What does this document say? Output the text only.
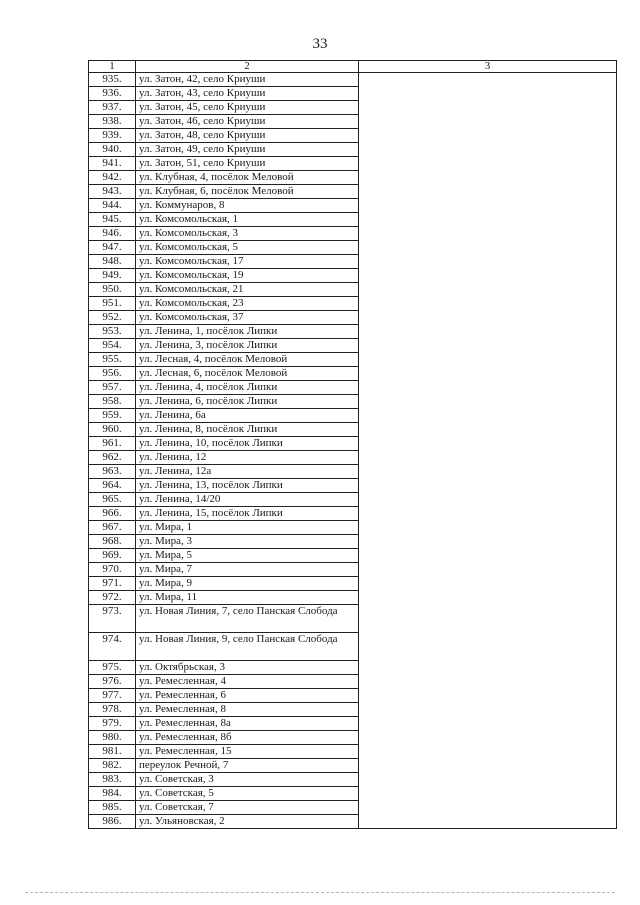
33
1	2	3
935.	ул. Затон, 42, село Криуши	
936.	ул. Затон, 43, село Криуши	
937.	ул. Затон, 45, село Криуши	
938.	ул. Затон, 46, село Криуши	
939.	ул. Затон, 48, село Криуши	
940.	ул. Затон, 49, село Криуши	
941.	ул. Затон, 51, село Криуши	
942.	ул. Клубная, 4, посёлок Меловой	
943.	ул. Клубная, 6, посёлок Меловой	
944.	ул. Коммунаров, 8	
945.	ул. Комсомольская, 1	
946.	ул. Комсомольская, 3	
947.	ул. Комсомольская, 5	
948.	ул. Комсомольская, 17	
949.	ул. Комсомольская, 19	
950.	ул. Комсомольская, 21	
951.	ул. Комсомольская, 23	
952.	ул. Комсомольская, 37	
953.	ул. Ленина, 1, посёлок Липки	
954.	ул. Ленина, 3, посёлок Липки	
955.	ул. Лесная, 4, посёлок Меловой	
956.	ул. Лесная, 6, посёлок Меловой	
957.	ул. Ленина, 4, посёлок Липки	
958.	ул. Ленина, 6, посёлок Липки	
959.	ул. Ленина, 6а	
960.	ул. Ленина, 8, посёлок Липки	
961.	ул. Ленина, 10, посёлок Липки	
962.	ул. Ленина, 12	
963.	ул. Ленина, 12а	
964.	ул. Ленина, 13, посёлок Липки	
965.	ул. Ленина, 14/20	
966.	ул. Ленина, 15, посёлок Липки	
967.	ул. Мира, 1	
968.	ул. Мира, 3	
969.	ул. Мира, 5	
970.	ул. Мира, 7	
971.	ул. Мира, 9	
972.	ул. Мира, 11	
973.	ул. Новая Линия, 7, село Панская Слобода	
974.	ул. Новая Линия, 9, село Панская Слобода	
975.	ул. Октябрьская, 3	
976.	ул. Ремесленная, 4	
977.	ул. Ремесленная, 6	
978.	ул. Ремесленная, 8	
979.	ул. Ремесленная, 8а	
980.	ул. Ремесленная, 8б	
981.	ул. Ремесленная, 15	
982.	переулок Речной, 7	
983.	ул. Советская, 3	
984.	ул. Советская, 5	
985.	ул. Советская, 7	
986.	ул. Ульяновская, 2	
